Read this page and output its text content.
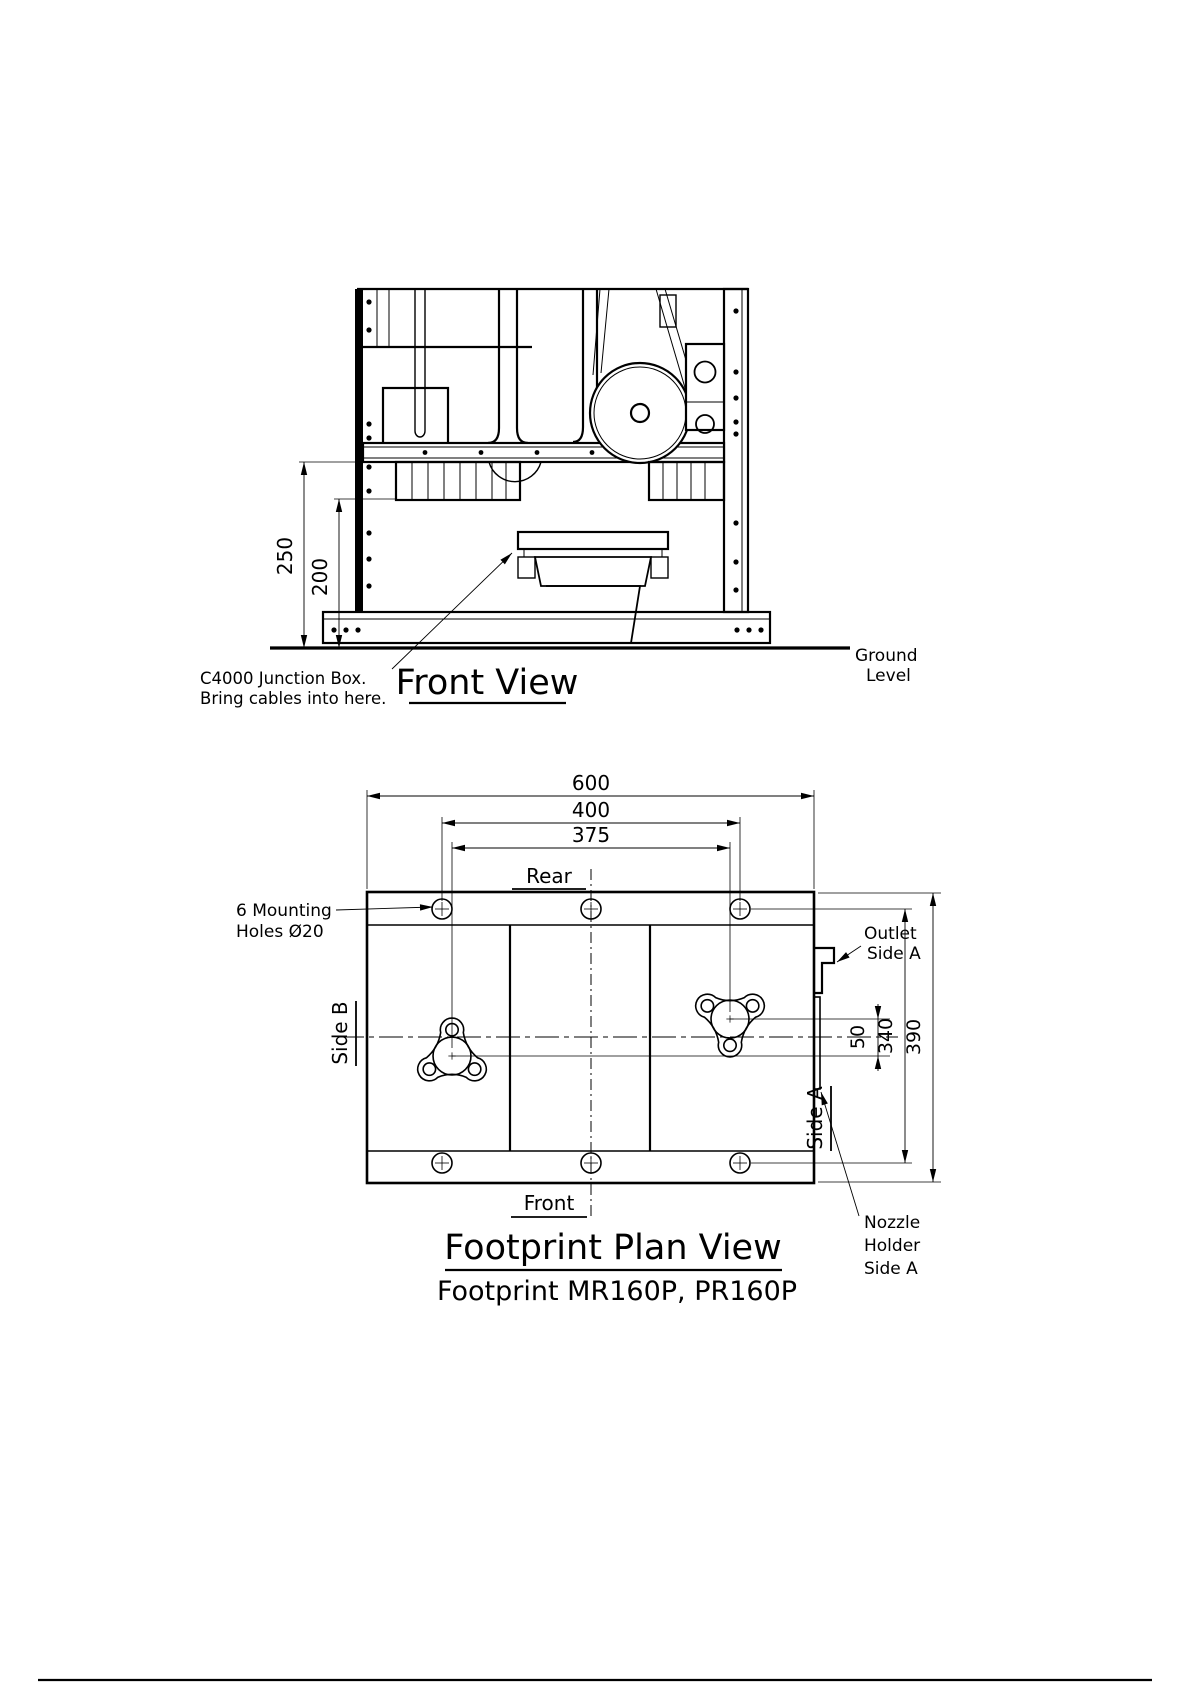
250
200
Ground
Level
C4000 Junction Box.
Bring cables into here. Front View
600
400
375
Rear
50 340 390
Outlet
Side A
Side A
Side B
6 Mounting
Holes Ø20
Front
Nozzle
Holder
Side A
Footprint Plan View
Footprint MR160P, PR160P
